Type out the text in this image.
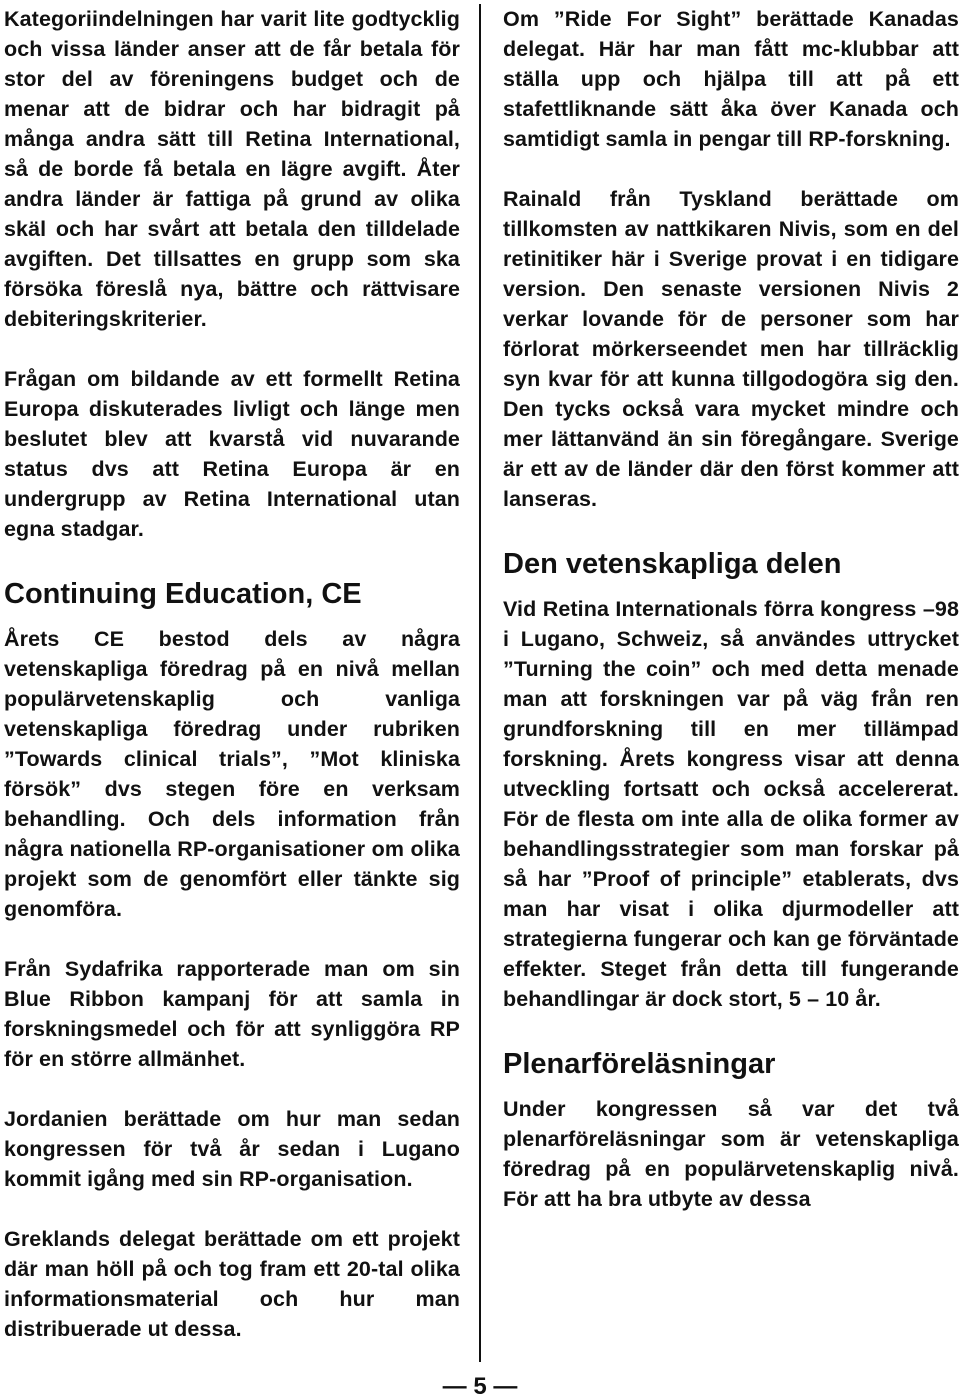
Kategoriindelningen har varit lite godtycklig och vissa länder anser att de får betala för stor del av föreningens budget och de menar att de bidrar och har bidragit på många andra sätt till Retina International, så de borde få betala en lägre avgift. Åter andra länder är fattiga på grund av olika skäl och har svårt att betala den tilldelade avgiften. Det tillsattes en grupp som ska försöka föreslå nya, bättre och rättvisare debiteringskriterier.

Frågan om bildande av ett formellt Retina Europa diskuterades livligt och länge men beslutet blev att kvarstå vid nuvarande status dvs att Retina Europa är en undergrupp av Retina International utan egna stadgar.

Continuing Education, CE

Årets CE bestod dels av några vetenskapliga föredrag på en nivå mellan populärvetenskaplig och vanliga vetenskapliga föredrag under rubriken ”Towards clinical trials”, ”Mot kliniska försök” dvs stegen före en verksam behandling. Och dels information från några nationella RP-organisationer om olika projekt som de genomfört eller tänkte sig genomföra.

Från Sydafrika rapporterade man om sin Blue Ribbon kampanj för att samla in forskningsmedel och för att synliggöra RP för en större allmänhet.

Jordanien berättade om hur man sedan kongressen för två år sedan i Lugano kommit igång med sin RP-organisation.

Greklands delegat berättade om ett projekt där man höll på och tog fram ett 20-tal olika informationsmaterial och hur man distribuerade ut dessa.

Om ”Ride For Sight” berättade Kanadas delegat. Här har man fått mc-klubbar att ställa upp och hjälpa till att på ett stafettliknande sätt åka över Kanada och samtidigt samla in pengar till RP-forskning.

Rainald från Tyskland berättade om tillkomsten av nattkikaren Nivis, som en del retinitiker här i Sverige provat i en tidigare version. Den senaste versionen Nivis 2 verkar lovande för de personer som har förlorat mörkerseendet men har tillräcklig syn kvar för att kunna tillgodogöra sig den. Den tycks också vara mycket mindre och mer lättanvänd än sin föregångare. Sverige är ett av de länder där den först kommer att lanseras.

Den vetenskapliga delen

Vid Retina Internationals förra kongress –98 i Lugano, Schweiz, så användes uttrycket ”Turning the coin” och med detta menade man att forskningen var på väg från ren grundforskning till en mer tillämpad forskning. Årets kongress visar att denna utveckling fortsatt och också accelererat. För de flesta om inte alla de olika former av behandlingsstrategier som man forskar på så har ”Proof of principle” etablerats, dvs man har visat i olika djurmodeller att strategierna fungerar och kan ge förväntade effekter. Steget från detta till fungerande behandlingar är dock stort, 5 – 10 år.

Plenarföreläsningar

Under kongressen så var det två plenarföreläsningar som är vetenskapliga föredrag på en populärvetenskaplig nivå. För att ha bra utbyte av dessa

— 5 —
